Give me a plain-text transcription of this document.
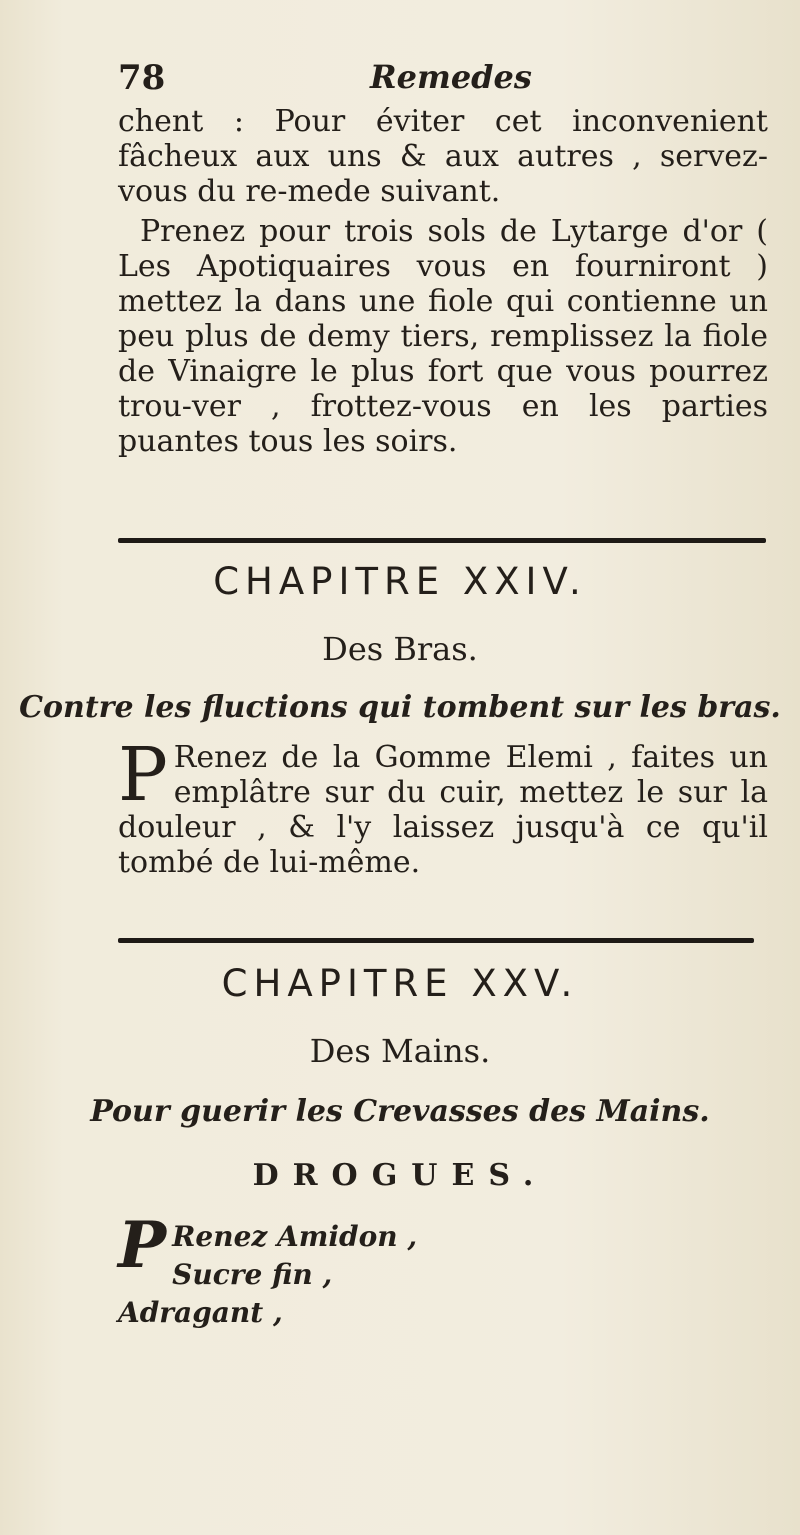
78	Remedes

chent : Pour éviter cet inconvenient fâcheux aux uns & aux autres , servez-vous du re-mede suivant.

Prenez pour trois sols de Lytarge d'or ( Les Apotiquaires vous en fourniront ) mettez la dans une fiole qui contienne un peu plus de demy tiers, remplissez la fiole de Vinaigre le plus fort que vous pourrez trou-ver , frottez-vous en les parties puantes tous les soirs.

CHAPITRE XXIV.
Des Bras.
Contre les fluctions qui tombent sur les bras.
P Renez de la Gomme Elemi , faites un emplâtre sur du cuir, mettez le sur la douleur , & l'y laissez jusqu'à ce qu'il tombé de lui-même.

CHAPITRE XXV.
Des Mains.
Pour guerir les Crevasses des Mains.
DROGUES.
P Renez Amidon ,
Sucre fin ,
Adragant ,
